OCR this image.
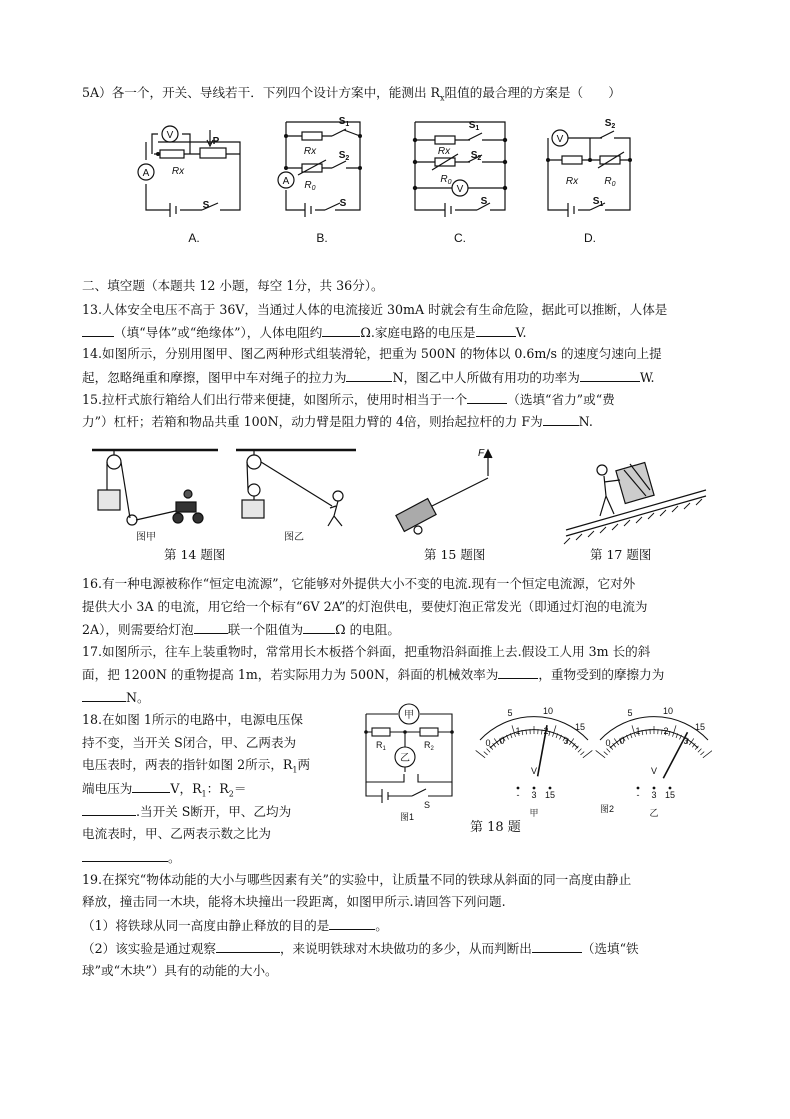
5A）各一个，开关、导线若干．下列四个设计方案中，能测出 $R_x$阻值的最合理的方案是（　　）
V
A
A
V
V
P
Rx
S
Rx
$R_0$
$S_1$
$S_2$
S
Rx
$R_0$
$S_1$
$S_2$
S
Rx	$R_0$
$S_2$
$S_1$
A.	B.	C.	D.
二、填空题（本题共 12 小题，每空 1分，共 36分）。
13.人体安全电压不高于 36V，当通过人体的电流接近 30mA 时就会有生命危险，据此可以推断，人体是
（填“导体”或“绝缘体”），人体电阻约	Ω.家庭电路的电压是	V.
14.如图所示，分别用图甲、图乙两种形式组装滑轮，把重为 500N 的物体以 0.6m/s 的速度匀速向上提
起，忽略绳重和摩擦，图甲中车对绳子的拉力为	N，图乙中人所做有用功的功率为	W.
15.拉杆式旅行箱给人们出行带来便捷，如图所示，使用时相当于一个	（选填“省力”或“费
力”）杠杆；若箱和物品共重 100N，动力臂是阻力臂的 4倍，则抬起拉杆的力 F为	N.
图甲	图乙
F
第 14 题图	第 15 题图	第 17 题图
16.有一种电源被称作“恒定电流源”，它能够对外提供大小不变的电流.现有一个恒定电流源，它对外
提供大小 3A 的电流，用它给一个标有“6V 2A”的灯泡供电，要使灯泡正常发光（即通过灯泡的电流为
2A），则需要给灯泡	联一个阻值为	Ω 的电阻。
17.如图所示，往车上装重物时，常常用长木板搭个斜面，把重物沿斜面推上去.假设工人用 3m 长的斜
面，把 1200N 的重物提高 1m，若实际用力为 500N，斜面的机械效率为	，重物受到的摩擦力为
N。
18.在如图 1所示的电路中，电源电压保
持不变，当开关 S闭合，甲、乙两表为
电压表时，两表的指针如图 2所示，$R_1$两
端电压为	V，$R_1$：$R_2=$
.当开关 S断开，甲、乙均为
电流表时，甲、乙两表示数之比为
。
甲
乙
$R_1$	$R_2$
S
图1
0
5	10
15
0
1	2
3
V
- 3 15
甲
0
5	10
15
0
1	2
3
V
- 3 15
乙
图2
第 18 题
19.在探究“物体动能的大小与哪些因素有关”的实验中，让质量不同的铁球从斜面的同一高度由静止
释放，撞击同一木块，能将木块撞出一段距离，如图甲所示.请回答下列问题.
（1）将铁球从同一高度由静止释放的目的是	。
（2）该实验是通过观察	，来说明铁球对木块做功的多少，从而判断出	（选填“铁
球”或“木块”）具有的动能的大小。
